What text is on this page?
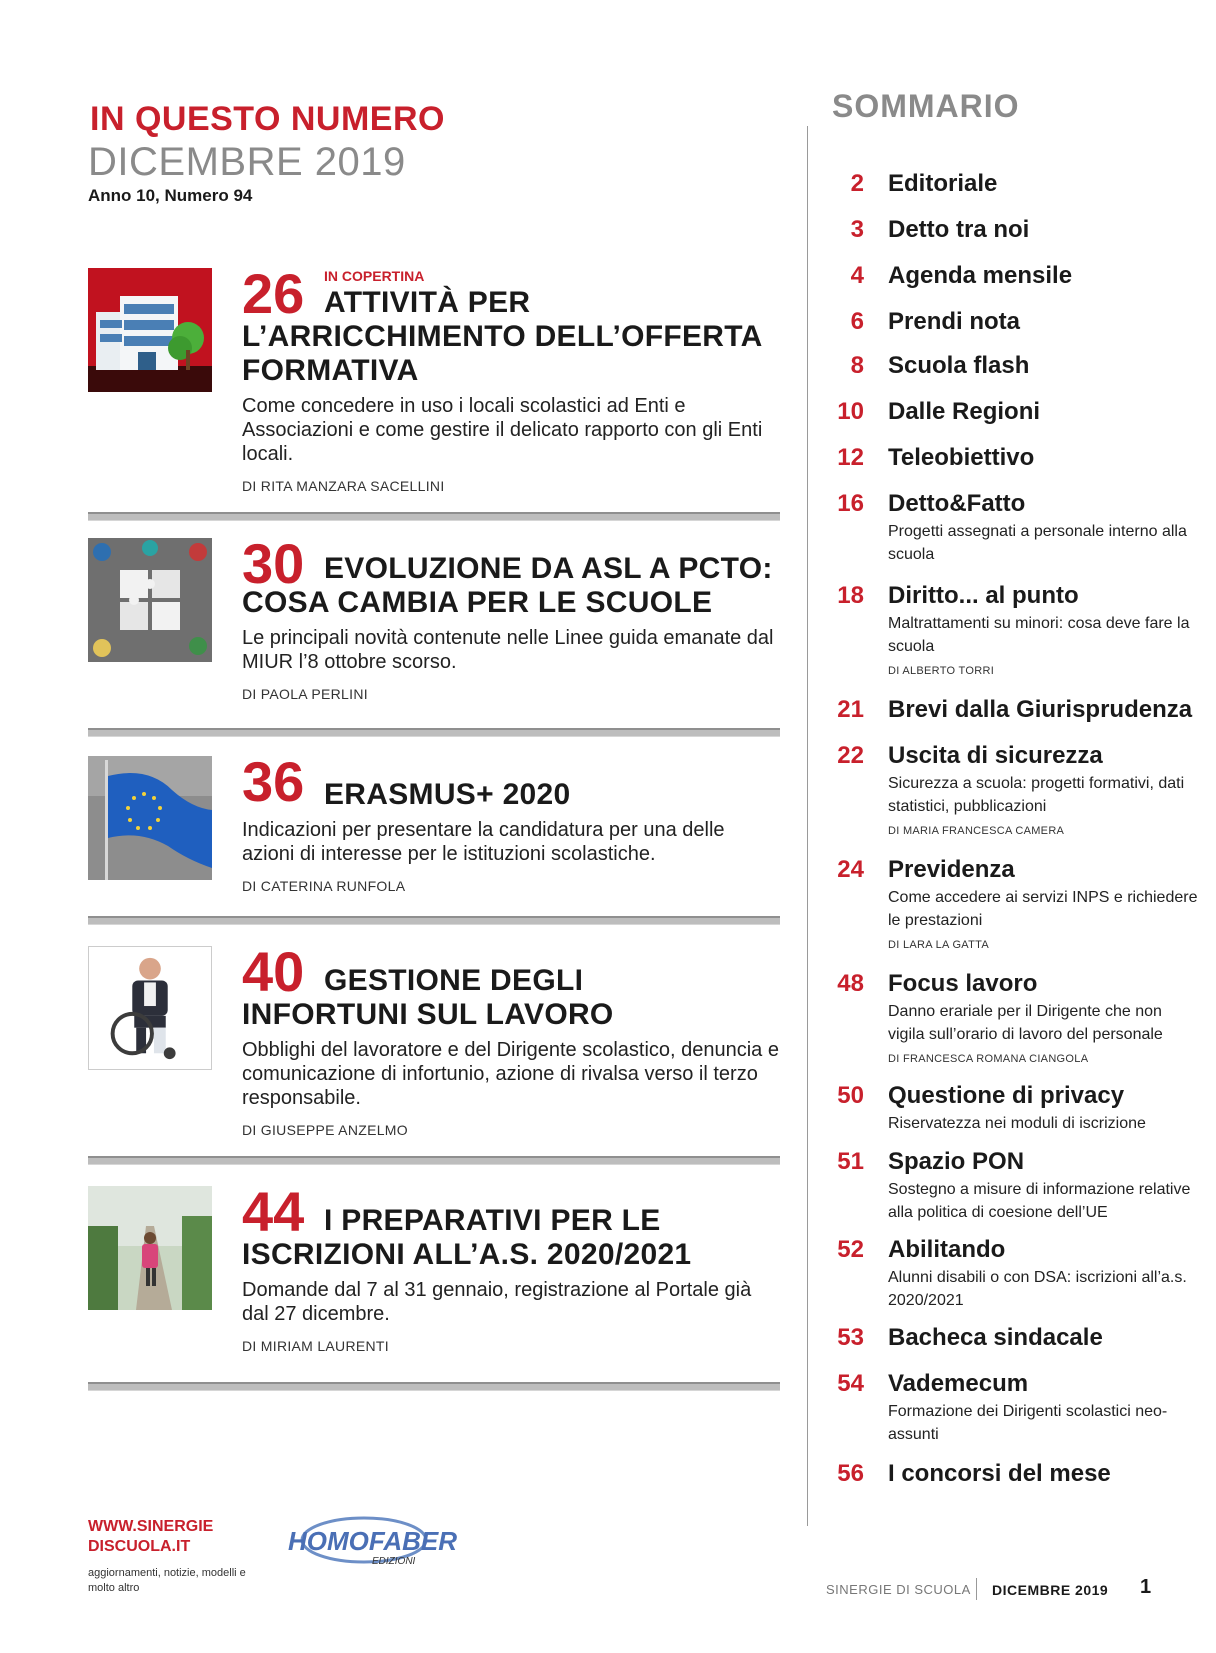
IN QUESTO NUMERO
DICEMBRE 2019
Anno 10, Numero 94
26 IN COPERTINA
ATTIVITÀ PER
L’ARRICCHIMENTO DELL’OFFERTA FORMATIVA
Come concedere in uso i locali scolastici ad Enti e Associazioni e come gestire il delicato rapporto con gli Enti locali.
DI RITA MANZARA SACELLINI
30 EVOLUZIONE DA ASL A PCTO:
COSA CAMBIA PER LE SCUOLE
Le principali novità contenute nelle Linee guida emanate dal MIUR l’8 ottobre scorso.
DI PAOLA PERLINI
36 ERASMUS+ 2020
Indicazioni per presentare la candidatura per una delle azioni di interesse per le istituzioni scolastiche.
DI CATERINA RUNFOLA
40 GESTIONE DEGLI
INFORTUNI SUL LAVORO
Obblighi del lavoratore e del Dirigente scolastico, denuncia e comunicazione di infortunio, azione di rivalsa verso il terzo responsabile.
DI GIUSEPPE ANZELMO
44 I PREPARATIVI PER LE
ISCRIZIONI ALL’A.S. 2020/2021
Domande dal 7 al 31 gennaio, registrazione al Portale già dal 27 dicembre.
DI MIRIAM LAURENTI
SOMMARIO
2 Editoriale
3 Detto tra noi
4 Agenda mensile
6 Prendi nota
8 Scuola flash
10 Dalle Regioni
12 Teleobiettivo
16 Detto&Fatto
Progetti assegnati a personale interno alla scuola
18 Diritto... al punto
Maltrattamenti su minori: cosa deve fare la scuola
DI ALBERTO TORRI
21 Brevi dalla Giurisprudenza
22 Uscita di sicurezza
Sicurezza a scuola: progetti formativi, dati statistici, pubblicazioni
DI MARIA FRANCESCA CAMERA
24 Previdenza
Come accedere ai servizi INPS e richiedere le prestazioni
DI LARA LA GATTA
48 Focus lavoro
Danno erariale per il Dirigente che non vigila sull’orario di lavoro del personale
DI FRANCESCA ROMANA CIANGOLA
50 Questione di privacy
Riservatezza nei moduli di iscrizione
51 Spazio PON
Sostegno a misure di informazione relative alla politica di coesione dell’UE
52 Abilitando
Alunni disabili o con DSA: iscrizioni all’a.s. 2020/2021
53 Bacheca sindacale
54 Vademecum
Formazione dei Dirigenti scolastici neo-assunti
56 I concorsi del mese
WWW.SINERGIE
DISCUOLA.IT
aggiornamenti, notizie, modelli e molto altro
HOMOFABER
EDIZIONI
SINERGIE DI SCUOLA DICEMBRE 2019 1
